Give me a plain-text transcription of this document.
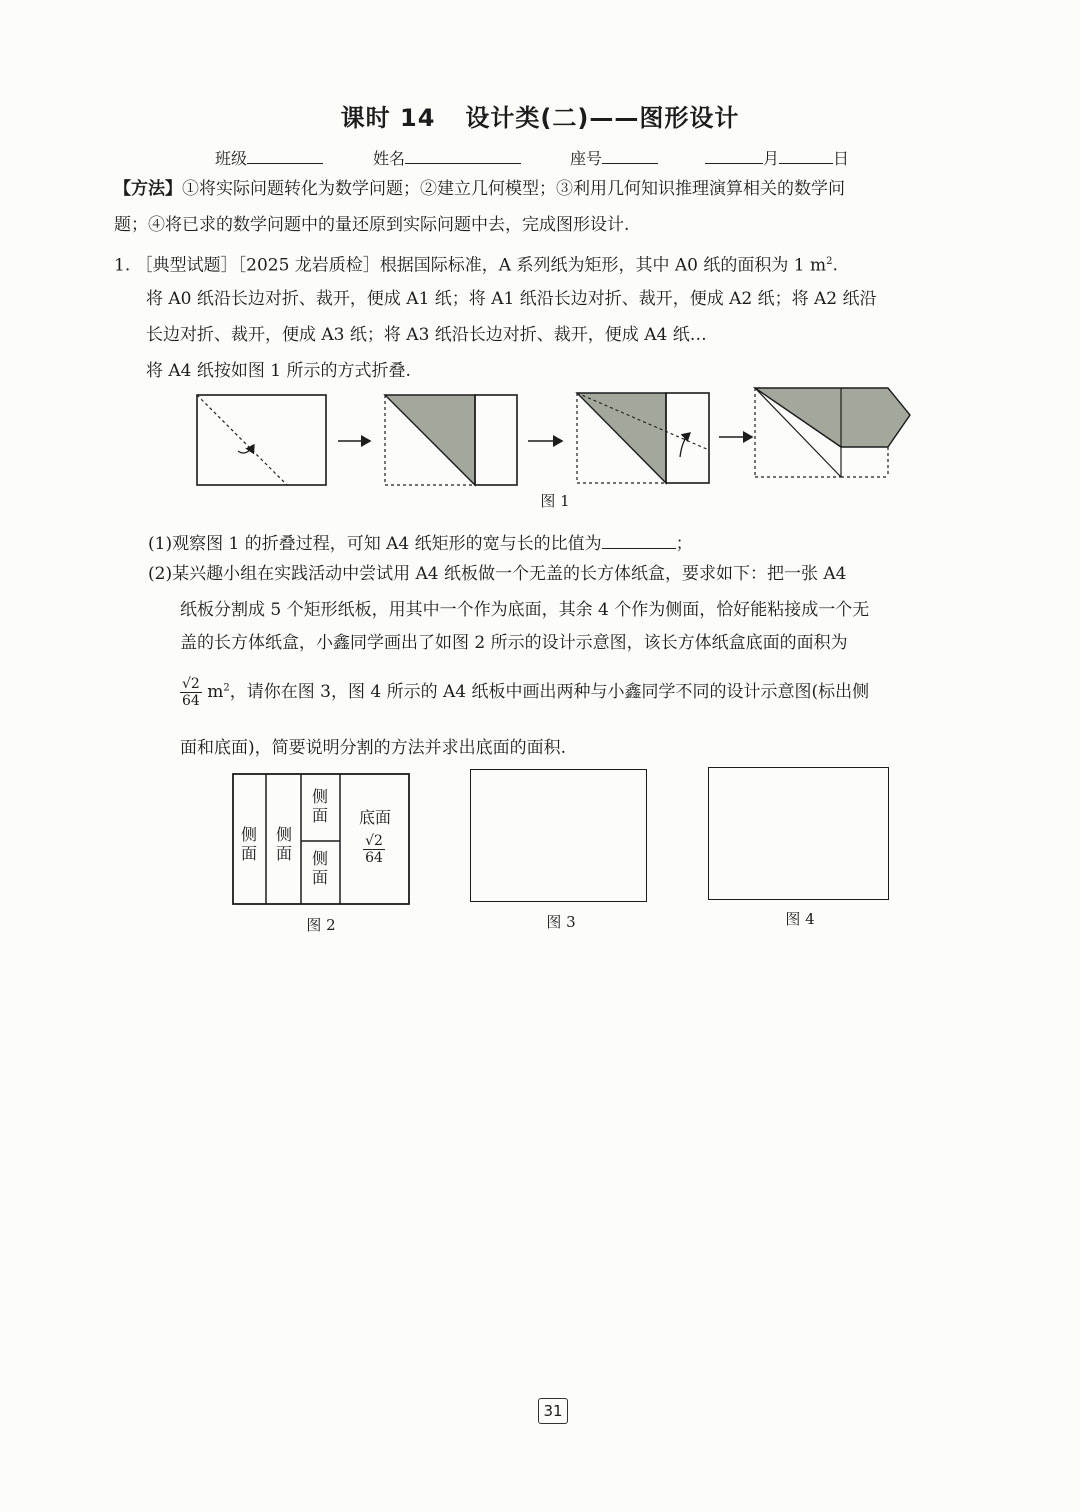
课时 14 设计类(二)——图形设计
班级	姓名	座号	月	日
【方法】①将实际问题转化为数学问题；②建立几何模型；③利用几何知识推理演算相关的数学问
题；④将已求的数学问题中的量还原到实际问题中去，完成图形设计.
1. ［典型试题］［2025 龙岩质检］根据国际标准，A 系列纸为矩形，其中 A0 纸的面积为 1 $m^2$.
将 A0 纸沿长边对折、裁开，便成 A1 纸；将 A1 纸沿长边对折、裁开，便成 A2 纸；将 A2 纸沿
长边对折、裁开，便成 A3 纸；将 A3 纸沿长边对折、裁开，便成 A4 纸…
将 A4 纸按如图 1 所示的方式折叠.
图 1
(1)观察图 1 的折叠过程，可知 A4 纸矩形的宽与长的比值为	；
(2)某兴趣小组在实践活动中尝试用 A4 纸板做一个无盖的长方体纸盒，要求如下：把一张 A4
纸板分割成 5 个矩形纸板，用其中一个作为底面，其余 4 个作为侧面，恰好能粘接成一个无
盖的长方体纸盒，小鑫同学画出了如图 2 所示的设计示意图，该长方体纸盒底面的面积为
$\frac{√2}{64} m^2$，请你在图 3，图 4 所示的 A4 纸板中画出两种与小鑫同学不同的设计示意图(标出侧
面和底面)，简要说明分割的方法并求出底面的面积.
侧面
侧面
侧面
侧面
底面
$\frac{√2}{64}$
图 2	图 3	图 4
31
